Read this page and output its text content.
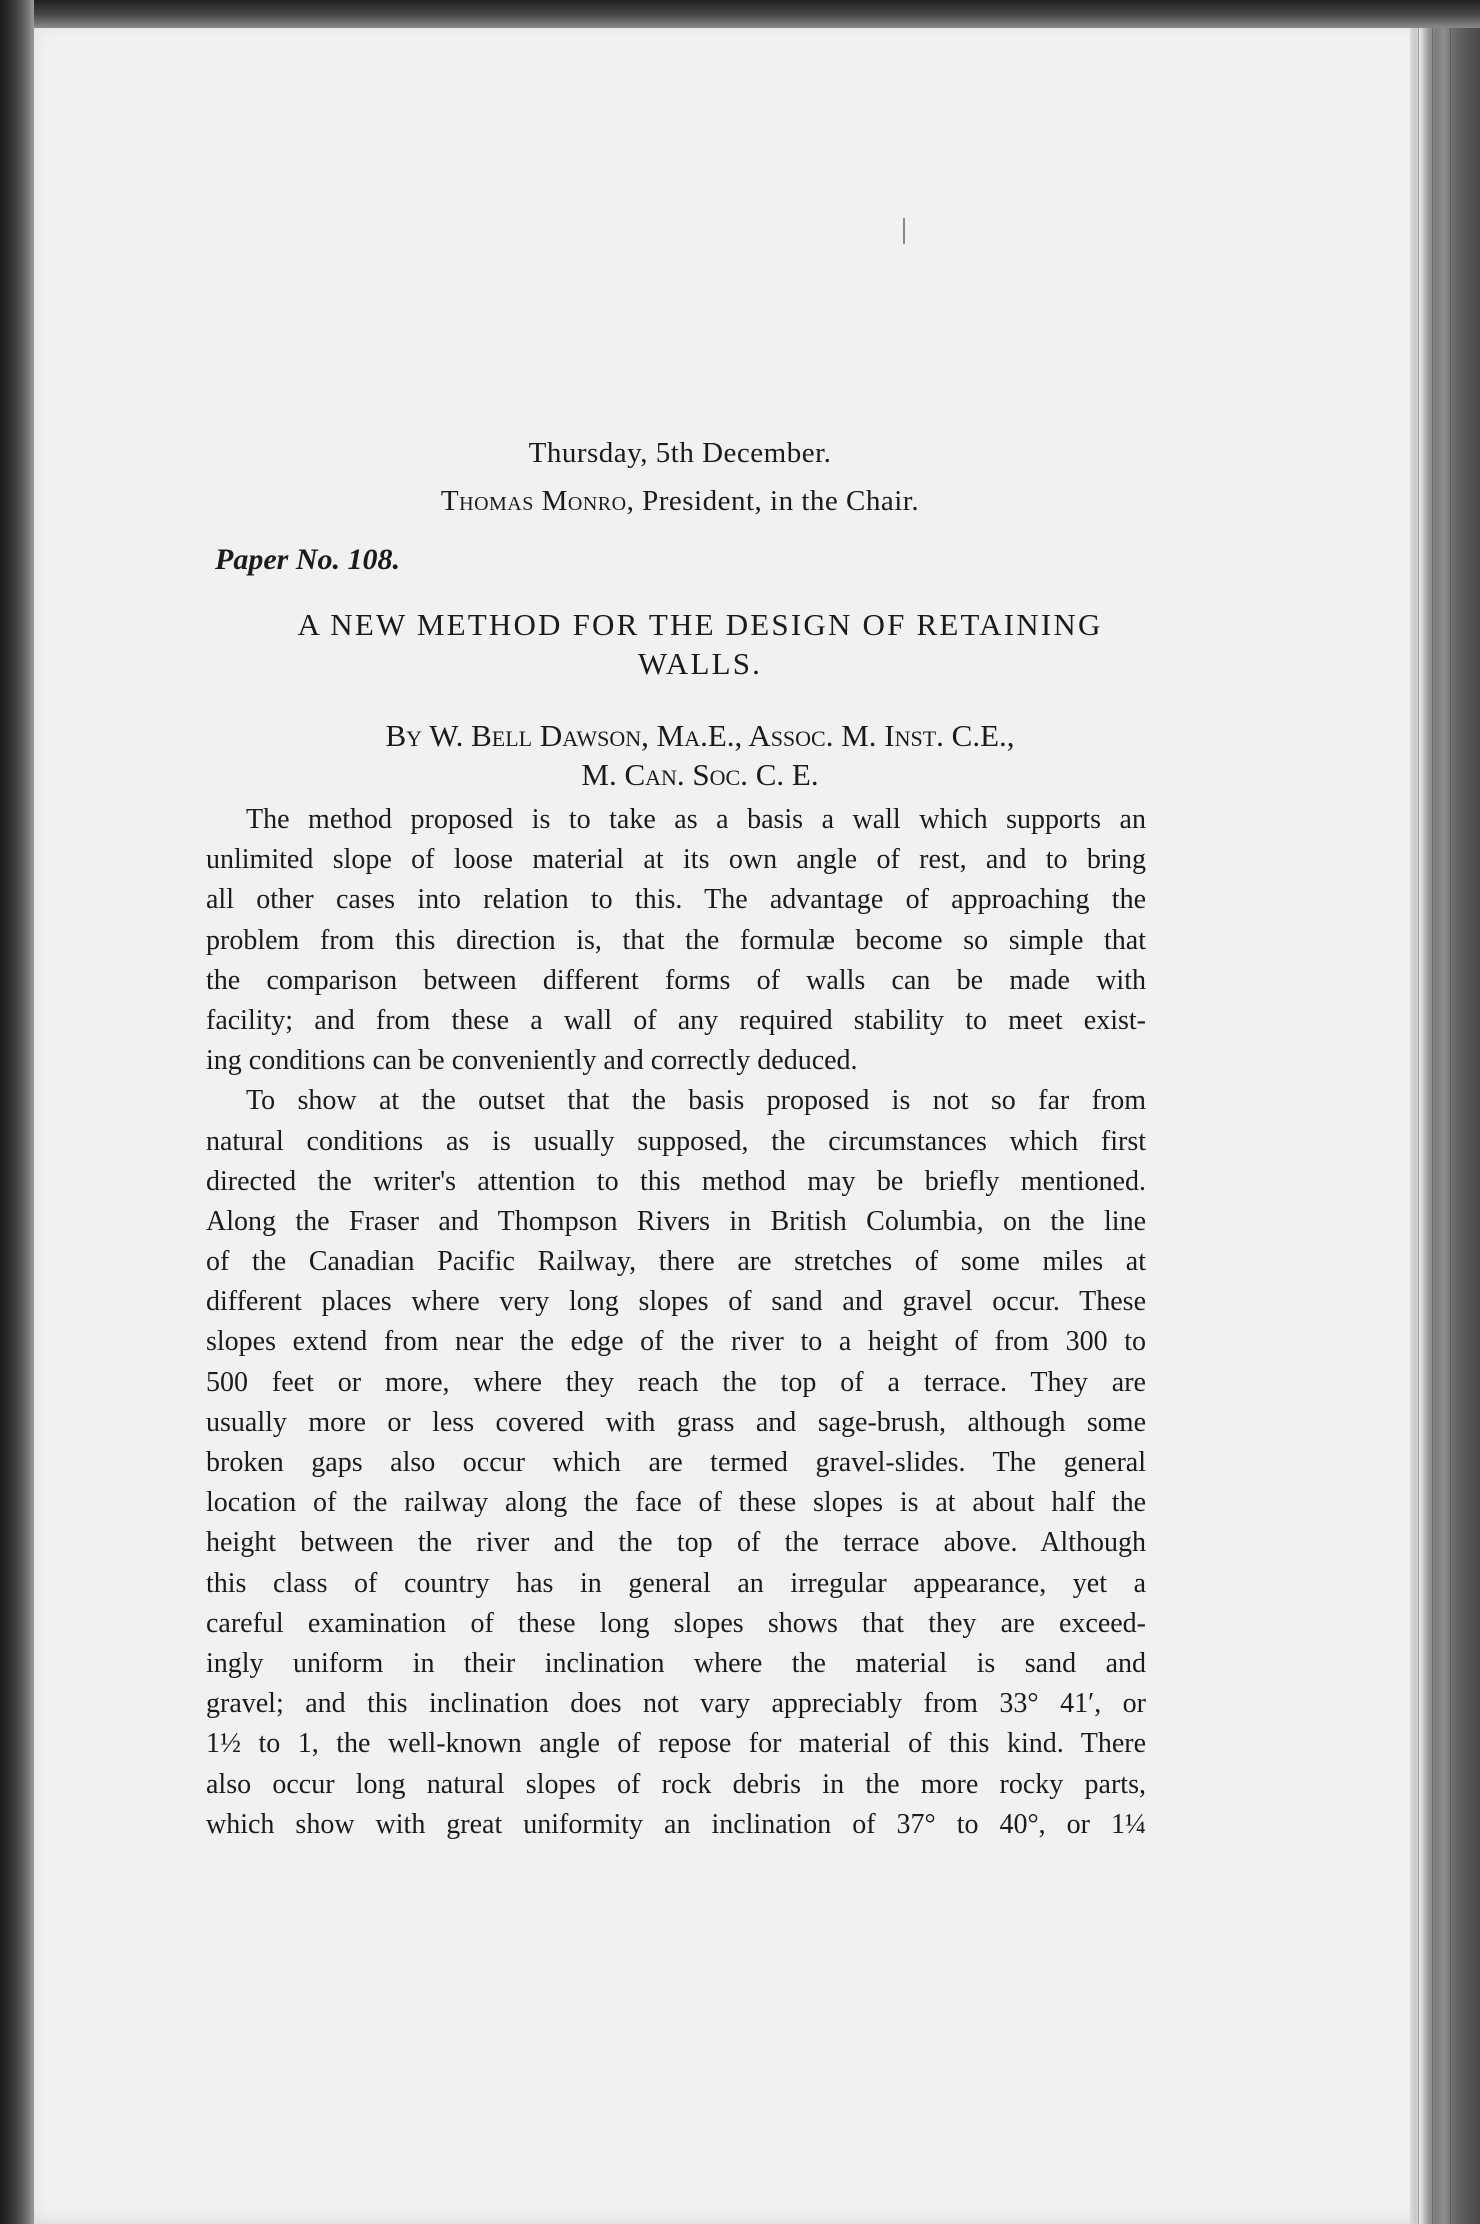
Thursday, 5th December.
Thomas Monro, President, in the Chair.
Paper No. 108.
A NEW METHOD FOR THE DESIGN OF RETAINING
WALLS.
By W. Bell Dawson, Ma.E., Assoc. M. Inst. C.E.,
M. Can. Soc. C. E.
The method proposed is to take as a basis a wall which supports an
unlimited slope of loose material at its own angle of rest, and to bring
all other cases into relation to this. The advantage of approaching the
problem from this direction is, that the formulæ become so simple that
the comparison between different forms of walls can be made with
facility; and from these a wall of any required stability to meet exist-
ing conditions can be conveniently and correctly deduced.
To show at the outset that the basis proposed is not so far from
natural conditions as is usually supposed, the circumstances which first
directed the writer's attention to this method may be briefly mentioned.
Along the Fraser and Thompson Rivers in British Columbia, on the line
of the Canadian Pacific Railway, there are stretches of some miles at
different places where very long slopes of sand and gravel occur. These
slopes extend from near the edge of the river to a height of from 300 to
500 feet or more, where they reach the top of a terrace. They are
usually more or less covered with grass and sage-brush, although some
broken gaps also occur which are termed gravel-slides. The general
location of the railway along the face of these slopes is at about half the
height between the river and the top of the terrace above. Although
this class of country has in general an irregular appearance, yet a
careful examination of these long slopes shows that they are exceed-
ingly uniform in their inclination where the material is sand and
gravel; and this inclination does not vary appreciably from 33° 41′, or
1½ to 1, the well-known angle of repose for material of this kind. There
also occur long natural slopes of rock debris in the more rocky parts,
which show with great uniformity an inclination of 37° to 40°, or 1¼
